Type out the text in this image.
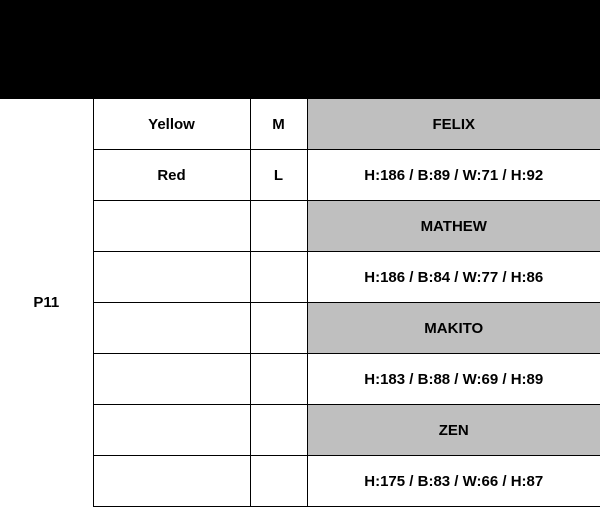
P	Color	Size	Models
P11	Yellow	M	FELIX
	Red	L	H:186 / B:89 / W:71 / H:92
			MATHEW
			H:186 / B:84 / W:77 / H:86
			MAKITO
			H:183 / B:88 / W:69 / H:89
			ZEN
			H:175 / B:83 / W:66 / H:87
